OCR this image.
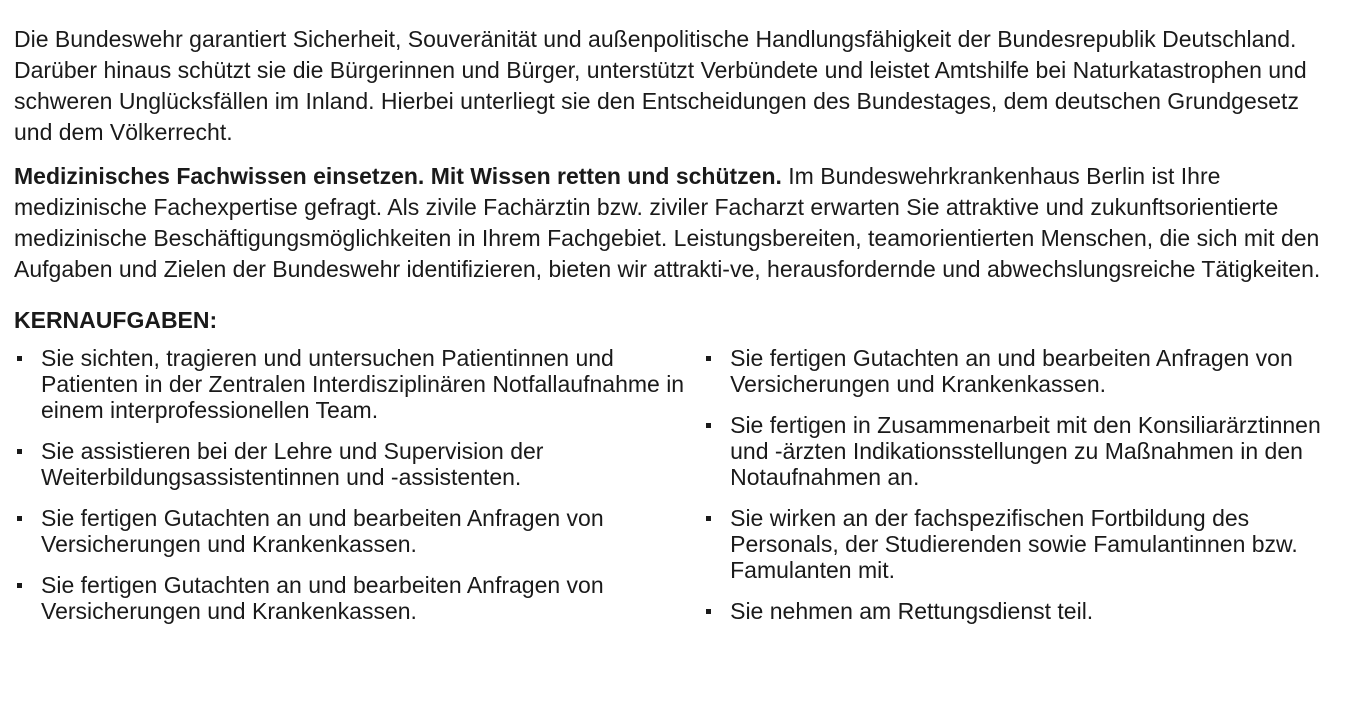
Die Bundeswehr garantiert Sicherheit, Souveränität und außenpolitische Handlungsfähigkeit der Bundesrepublik Deutschland. Darüber hinaus schützt sie die Bürgerinnen und Bürger, unterstützt Verbündete und leistet Amtshilfe bei Naturkatastrophen und schweren Unglücksfällen im Inland. Hierbei unterliegt sie den Entscheidungen des Bundestages, dem deutschen Grundgesetz und dem Völkerrecht.

Medizinisches Fachwissen einsetzen. Mit Wissen retten und schützen. Im Bundeswehrkrankenhaus Berlin ist Ihre medizinische Fachexpertise gefragt. Als zivile Fachärztin bzw. ziviler Facharzt erwarten Sie attraktive und zukunftsorientierte medizinische Beschäftigungsmöglichkeiten in Ihrem Fachgebiet. Leistungsbereiten, teamorientierten Menschen, die sich mit den Aufgaben und Zielen der Bundeswehr identifizieren, bieten wir attrakti-ve, herausfordernde und abwechslungsreiche Tätigkeiten.

KERNAUFGABEN:
Sie sichten, tragieren und untersuchen Patientinnen und Patienten in der Zentralen Interdisziplinären Notfallaufnahme in einem interprofessionellen Team.
Sie assistieren bei der Lehre und Supervision der Weiterbildungsassistentinnen und -assistenten.
Sie fertigen Gutachten an und bearbeiten Anfragen von Versicherungen und Krankenkassen.
Sie fertigen Gutachten an und bearbeiten Anfragen von Versicherungen und Krankenkassen.
Sie fertigen Gutachten an und bearbeiten Anfragen von Versicherungen und Krankenkassen.
Sie fertigen in Zusammenarbeit mit den Konsiliarärztinnen und -ärzten Indikationsstellungen zu Maßnahmen in den Notaufnahmen an.
Sie wirken an der fachspezifischen Fortbildung des Personals, der Studierenden sowie Famulantinnen bzw. Famulanten mit.
Sie nehmen am Rettungsdienst teil.
